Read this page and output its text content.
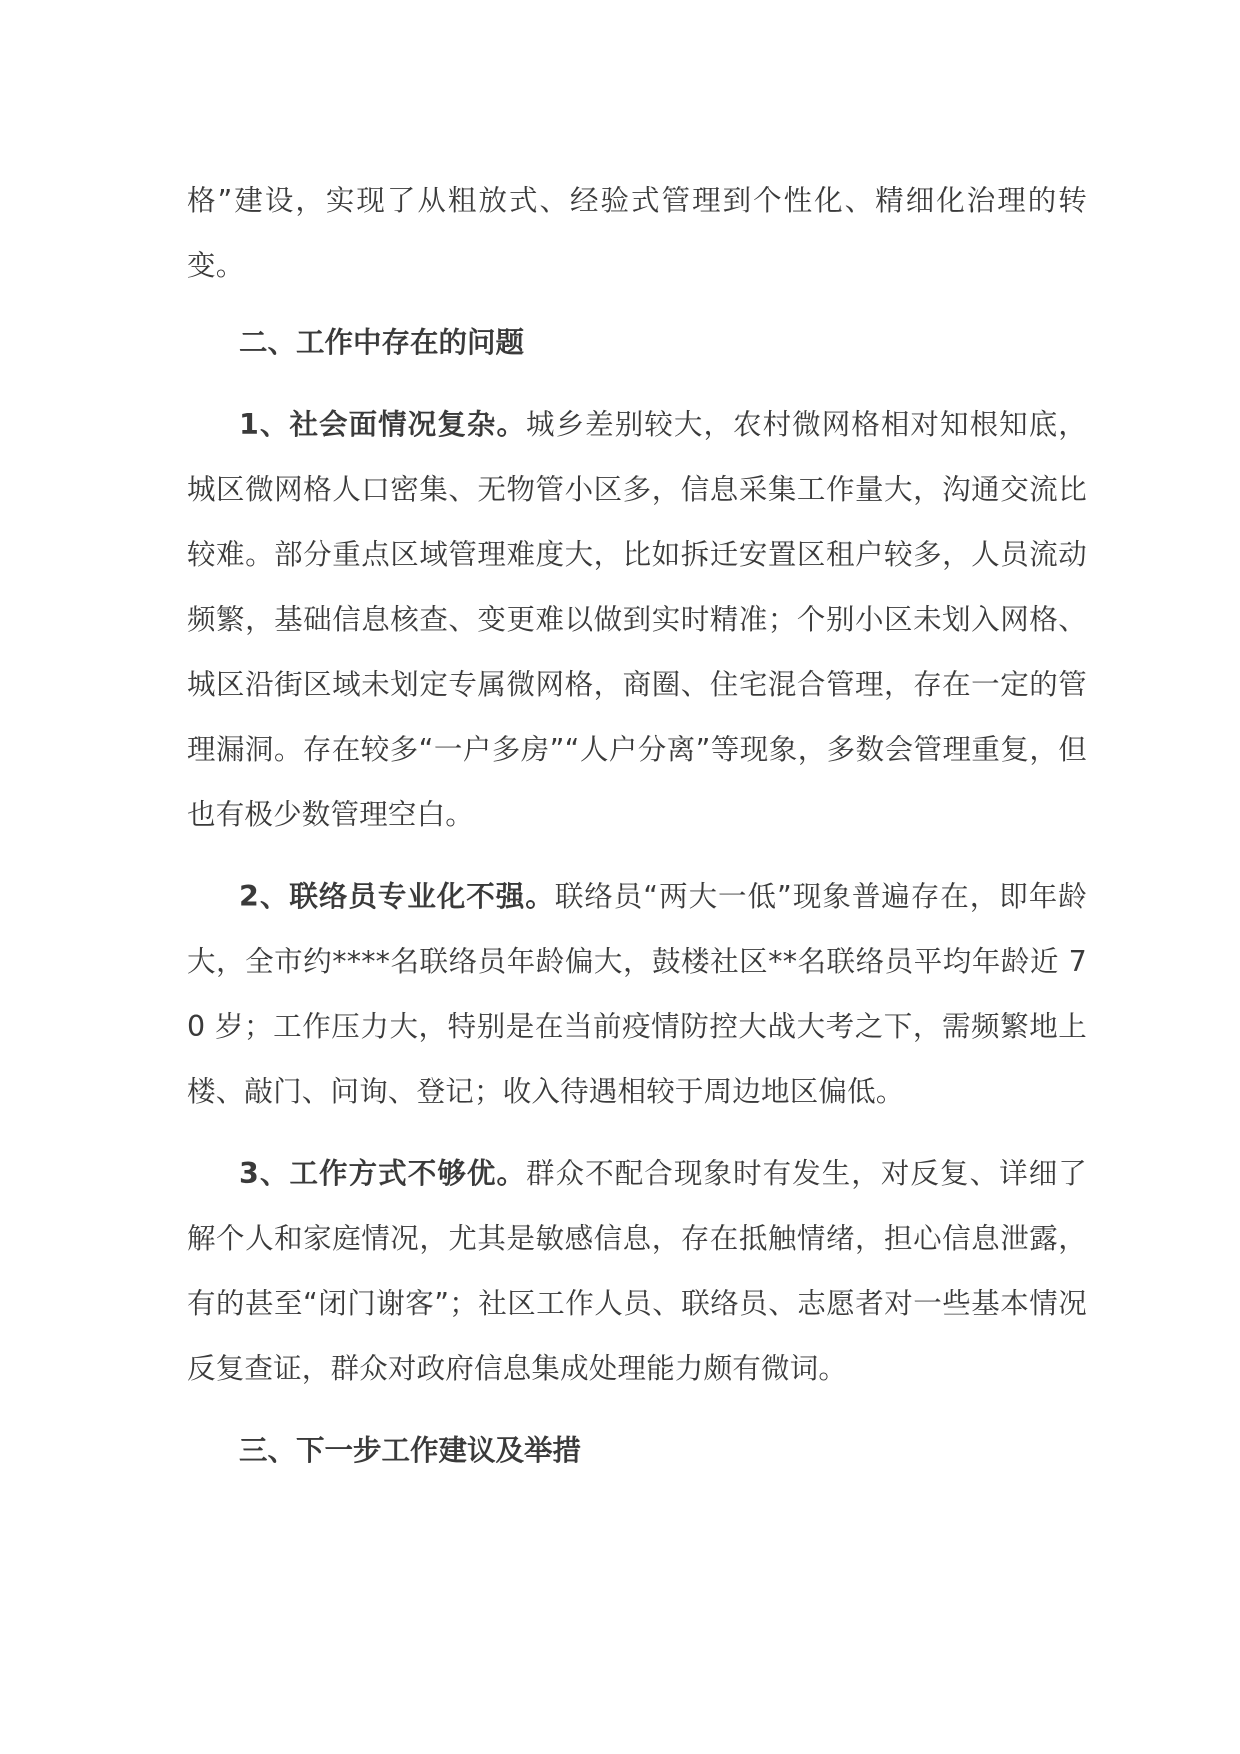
格”建设，实现了从粗放式、经验式管理到个性化、精细化治理的转变。

二、工作中存在的问题

1、社会面情况复杂。城乡差别较大，农村微网格相对知根知底，城区微网格人口密集、无物管小区多，信息采集工作量大，沟通交流比较难。部分重点区域管理难度大，比如拆迁安置区租户较多，人员流动频繁，基础信息核查、变更难以做到实时精准；个别小区未划入网格、城区沿街区域未划定专属微网格，商圈、住宅混合管理，存在一定的管理漏洞。存在较多“一户多房”“人户分离”等现象，多数会管理重复，但也有极少数管理空白。

2、联络员专业化不强。联络员“两大一低”现象普遍存在，即年龄大，全市约****名联络员年龄偏大，鼓楼社区**名联络员平均年龄近 70 岁；工作压力大，特别是在当前疫情防控大战大考之下，需频繁地上楼、敲门、问询、登记；收入待遇相较于周边地区偏低。

3、工作方式不够优。群众不配合现象时有发生，对反复、详细了解个人和家庭情况，尤其是敏感信息，存在抵触情绪，担心信息泄露，有的甚至“闭门谢客”；社区工作人员、联络员、志愿者对一些基本情况反复查证，群众对政府信息集成处理能力颇有微词。

三、下一步工作建议及举措
